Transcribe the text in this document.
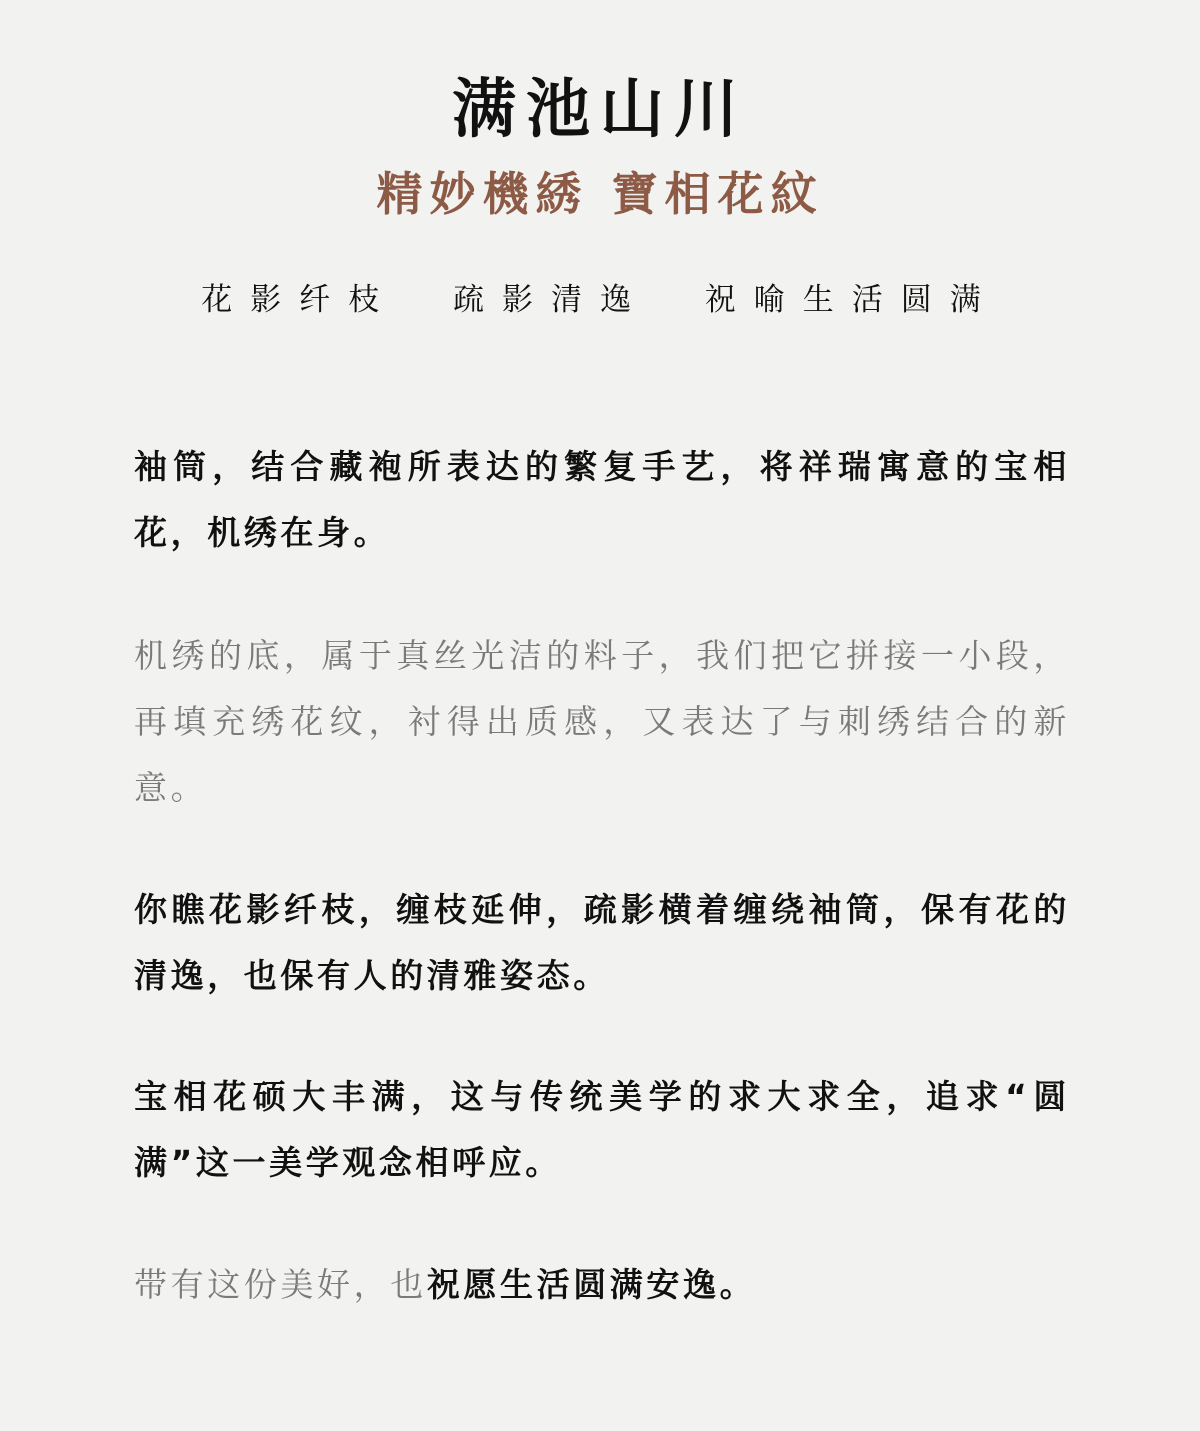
满池山川
精妙機綉 寶相花紋
花影纤枝  疏影清逸  祝喻生活圆满

袖筒，结合藏袍所表达的繁复手艺，将祥瑞寓意的宝相花，机绣在身。

机绣的底，属于真丝光洁的料子，我们把它拼接一小段，再填充绣花纹，衬得出质感，又表达了与刺绣结合的新意。

你瞧花影纤枝，缠枝延伸，疏影横着缠绕袖筒，保有花的清逸，也保有人的清雅姿态。

宝相花硕大丰满，这与传统美学的求大求全，追求“圆满”这一美学观念相呼应。

带有这份美好，也祝愿生活圆满安逸。
